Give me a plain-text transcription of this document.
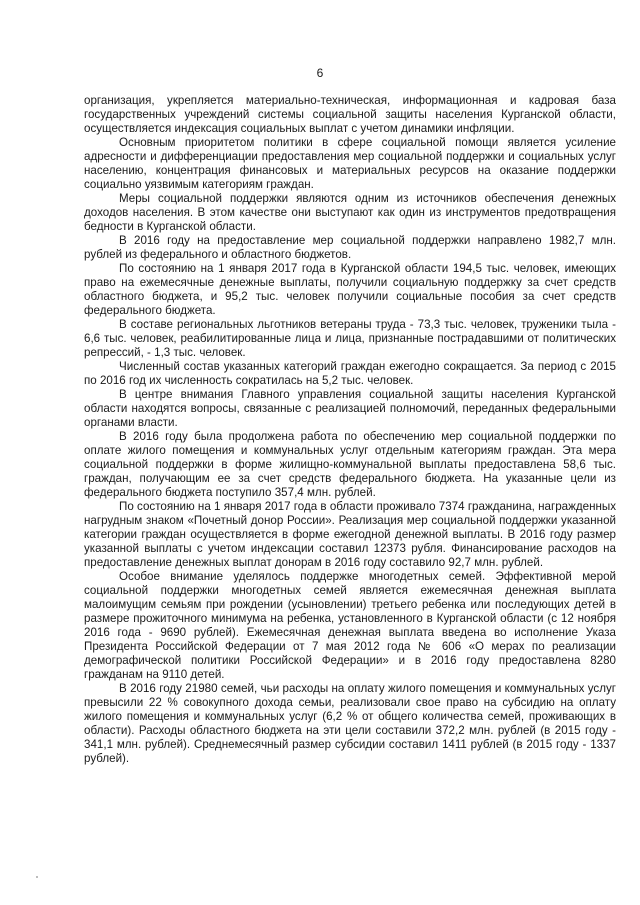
6

организация, укрепляется материально-техническая, информационная и кадровая база государственных учреждений системы социальной защиты населения Курганской области, осуществляется индексация социальных выплат с учетом динамики инфляции.

Основным приоритетом политики в сфере социальной помощи является усиление адресности и дифференциации предоставления мер социальной поддержки и социальных услуг населению, концентрация финансовых и материальных ресурсов на оказание поддержки социально уязвимым категориям граждан.

Меры социальной поддержки являются одним из источников обеспечения денежных доходов населения. В этом качестве они выступают как один из инструментов предотвращения бедности в Курганской области.

В 2016 году на предоставление мер социальной поддержки направлено 1982,7 млн. рублей из федерального и областного бюджетов.

По состоянию на 1 января 2017 года в Курганской области 194,5 тыс. человек, имеющих право на ежемесячные денежные выплаты, получили социальную поддержку за счет средств областного бюджета, и 95,2 тыс. человек получили социальные пособия за счет средств федерального бюджета.

В составе региональных льготников ветераны труда - 73,3 тыс. человек, труженики тыла - 6,6 тыс. человек, реабилитированные лица и лица, признанные пострадавшими от политических репрессий, - 1,3 тыс. человек.

Численный состав указанных категорий граждан ежегодно сокращается. За период с 2015 по 2016 год их численность сократилась на 5,2 тыс. человек.

В центре внимания Главного управления социальной защиты населения Курганской области находятся вопросы, связанные с реализацией полномочий, переданных федеральными органами власти.

В 2016 году была продолжена работа по обеспечению мер социальной поддержки по оплате жилого помещения и коммунальных услуг отдельным категориям граждан. Эта мера социальной поддержки в форме жилищно-коммунальной выплаты предоставлена 58,6 тыс. граждан, получающим ее за счет средств федерального бюджета. На указанные цели из федерального бюджета поступило 357,4 млн. рублей.

По состоянию на 1 января 2017 года в области проживало 7374 гражданина, награжденных нагрудным знаком «Почетный донор России». Реализация мер социальной поддержки указанной категории граждан осуществляется в форме ежегодной денежной выплаты. В 2016 году размер указанной выплаты с учетом индексации составил 12373 рубля. Финансирование расходов на предоставление денежных выплат донорам в 2016 году составило 92,7 млн. рублей.

Особое внимание уделялось поддержке многодетных семей. Эффективной мерой социальной поддержки многодетных семей является ежемесячная денежная выплата малоимущим семьям при рождении (усыновлении) третьего ребенка или последующих детей в размере прожиточного минимума на ребенка, установленного в Курганской области (с 12 ноября 2016 года - 9690 рублей). Ежемесячная денежная выплата введена во исполнение Указа Президента Российской Федерации от 7 мая 2012 года № 606 «О мерах по реализации демографической политики Российской Федерации» и в 2016 году предоставлена 8280 гражданам на 9110 детей.

В 2016 году 21980 семей, чьи расходы на оплату жилого помещения и коммунальных услуг превысили 22 % совокупного дохода семьи, реализовали свое право на субсидию на оплату жилого помещения и коммунальных услуг (6,2 % от общего количества семей, проживающих в области). Расходы областного бюджета на эти цели составили 372,2 млн. рублей (в 2015 году - 341,1 млн. рублей). Среднемесячный размер субсидии составил 1411 рублей (в 2015 году - 1337 рублей).
